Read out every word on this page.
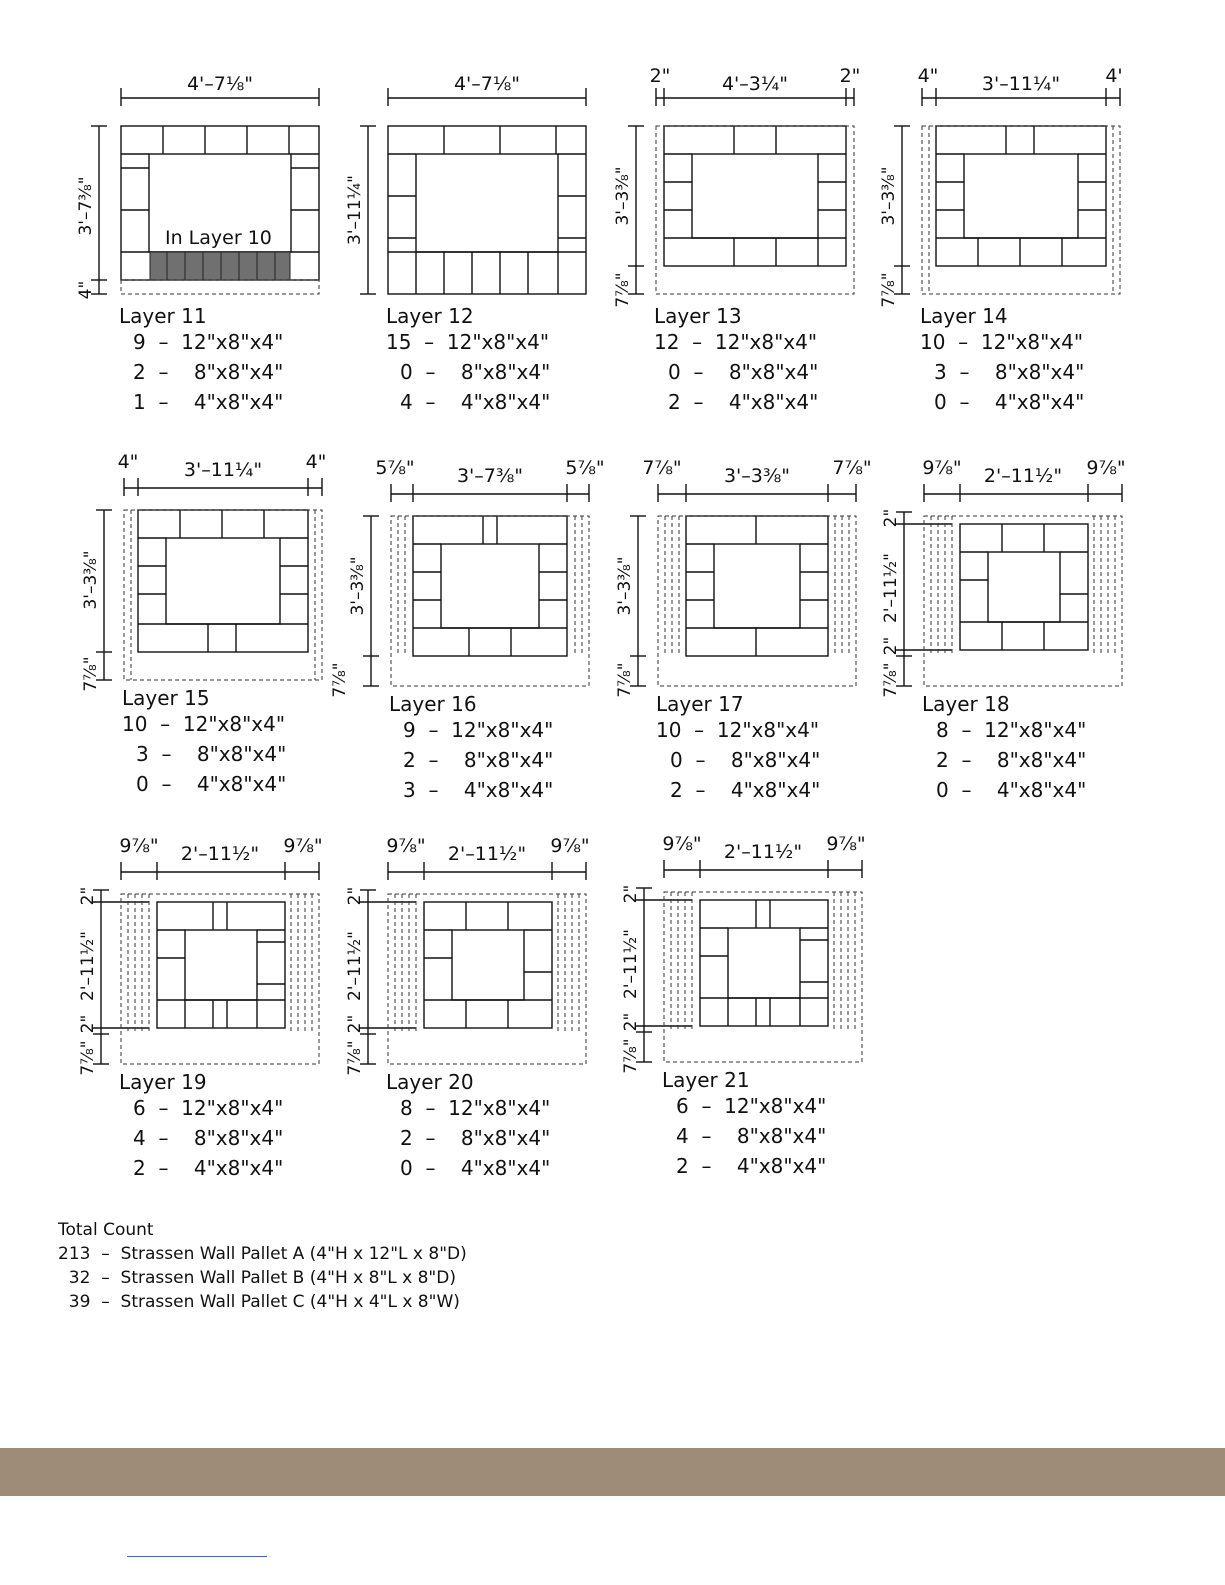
4'–7⅛"
3'–7⅜"
4"
In Layer 10
Layer 11
9  –  12"x8"x4"
2  –    8"x8"x4"
1  –    4"x8"x4"
4'–7⅛"
3'–11¼"
Layer 12
15  –  12"x8"x4"
0  –    8"x8"x4"
4  –    4"x8"x4"
2"	4'–3¼"	2"
3'–3⅜"
7⅞"
Layer 13
12  –  12"x8"x4"
0  –    8"x8"x4"
2  –    4"x8"x4"
4" 3'–11¼" 4'
3'–3⅜"
7⅞"
Layer 14
10  –  12"x8"x4"
3  –    8"x8"x4"
0  –    4"x8"x4"
4" 3'–11¼" 4"
3'–3⅜"
7⅞"
Layer 15
10  –  12"x8"x4"
3  –    8"x8"x4"
0  –    4"x8"x4"
5⅞" 3'–7⅜" 5⅞"
3'–3⅜"
7⅞"
Layer 16
9  –  12"x8"x4"
2  –    8"x8"x4"
3  –    4"x8"x4"
7⅞" 3'–3⅜" 7⅞"
3'–3⅜"
7⅞"
Layer 17
10  –  12"x8"x4"
0  –    8"x8"x4"
2  –    4"x8"x4"
9⅞" 2'–11½" 9⅞"
2"
2'–11½"
2"
7⅞"
Layer 18
8  –  12"x8"x4"
2  –    8"x8"x4"
0  –    4"x8"x4"
9⅞" 2'–11½" 9⅞"
2"
2'–11½"
2"
7⅞"
Layer 19
6  –  12"x8"x4"
4  –    8"x8"x4"
2  –    4"x8"x4"
9⅞" 2'–11½" 9⅞"
2"
2'–11½"
2"
7⅞"
Layer 20
8  –  12"x8"x4"
2  –    8"x8"x4"
0  –    4"x8"x4"
9⅞" 2'–11½" 9⅞"
2"
2'–11½"
2"
7⅞"
Layer 21
6  –  12"x8"x4"
4  –    8"x8"x4"
2  –    4"x8"x4"
Total Count
213  –  Strassen Wall Pallet A (4"H x 12"L x 8"D)
32  –  Strassen Wall Pallet B (4"H x 8"L x 8"D)
39  –  Strassen Wall Pallet C (4"H x 4"L x 8"W)
